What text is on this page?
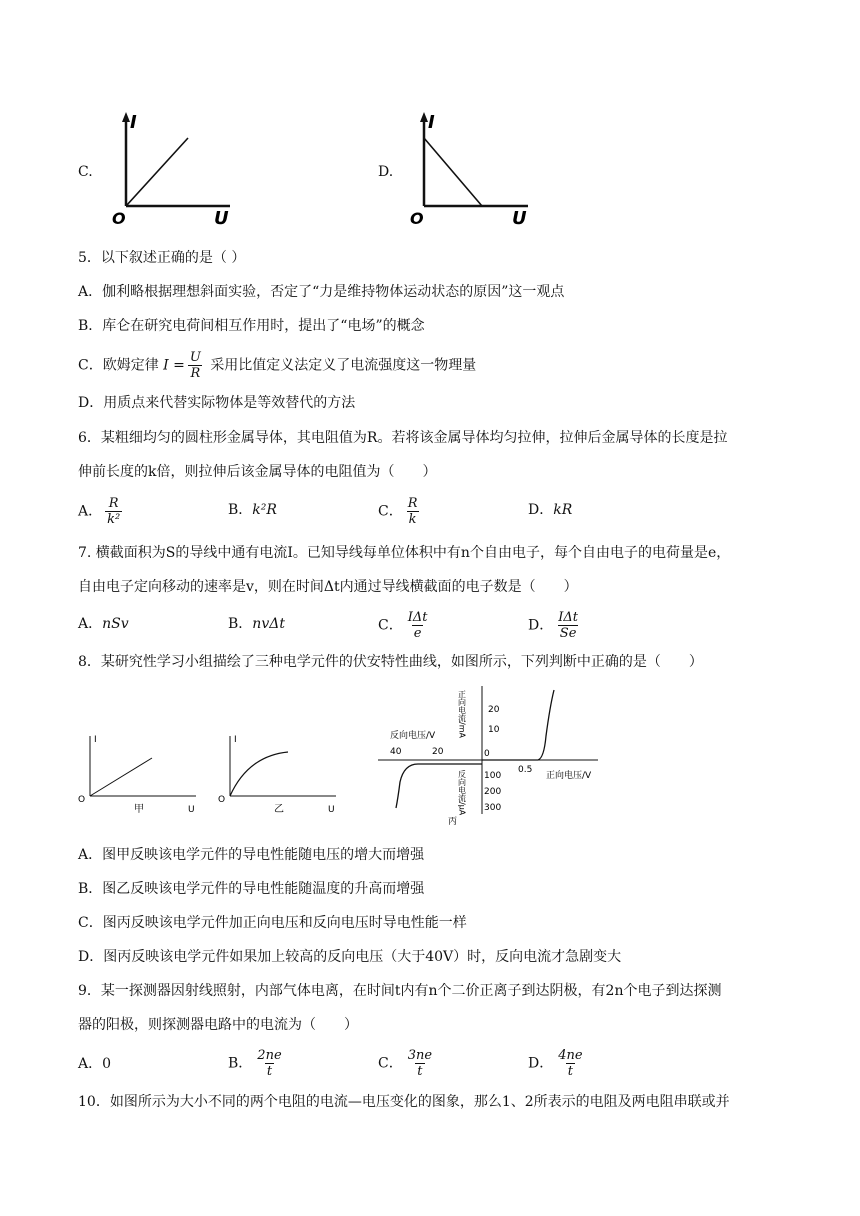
C.
I
U
O
D.
I
U
O
5．以下叙述正确的是（ ）
A．伽利略根据理想斜面实验，否定了“力是维持物体运动状态的原因”这一观点
B．库仑在研究电荷间相互作用时，提出了“电场”的概念
C．欧姆定律 $I = \frac{U}{R}$ 采用比值定义法定义了电流强度这一物理量
D．用质点来代替实际物体是等效替代的方法
6．某粗细均匀的圆柱形金属导体，其电阻值为R。若将该金属导体均匀拉伸，拉伸后金属导体的长度是拉
伸前长度的k倍，则拉伸后该金属导体的电阻值为（　　）
A． $\frac{R}{\text{k²}}$	B．k²R	C． $\frac{R}{k}$	D．kR
7. 横截面积为S的导线中通有电流I。已知导线每单位体积中有n个自由电子，每个自由电子的电荷量是e，
自由电子定向移动的速率是v，则在时间Δt内通过导线横截面的电子数是（　　）
A．nSv	B．nvΔt	C． $\frac{\text{IΔt}}{e}$	D． $\frac{\text{IΔt}}{Se}$
8．某研究性学习小组描绘了三种电学元件的伏安特性曲线，如图所示，下列判断中正确的是（　　）
I
O
U
甲
I
O
U
乙
20
10
0
0.5
40	20
100
200
300
反向电压/V
正向电压/V
正向电流/mA
反向电流/μA
丙
A．图甲反映该电学元件的导电性能随电压的增大而增强
B．图乙反映该电学元件的导电性能随温度的升高而增强
C．图丙反映该电学元件加正向电压和反向电压时导电性能一样
D．图丙反映该电学元件如果加上较高的反向电压（大于40V）时，反向电流才急剧变大
9．某一探测器因射线照射，内部气体电离，在时间t内有n个二价正离子到达阴极，有2n个电子到达探测
器的阳极，则探测器电路中的电流为（　　）
A．0	B． $\frac{2ne}{t}$	C． $\frac{3ne}{t}$	D． $\frac{4ne}{t}$
10．如图所示为大小不同的两个电阻的电流—电压变化的图象，那么1、2所表示的电阻及两电阻串联或并
